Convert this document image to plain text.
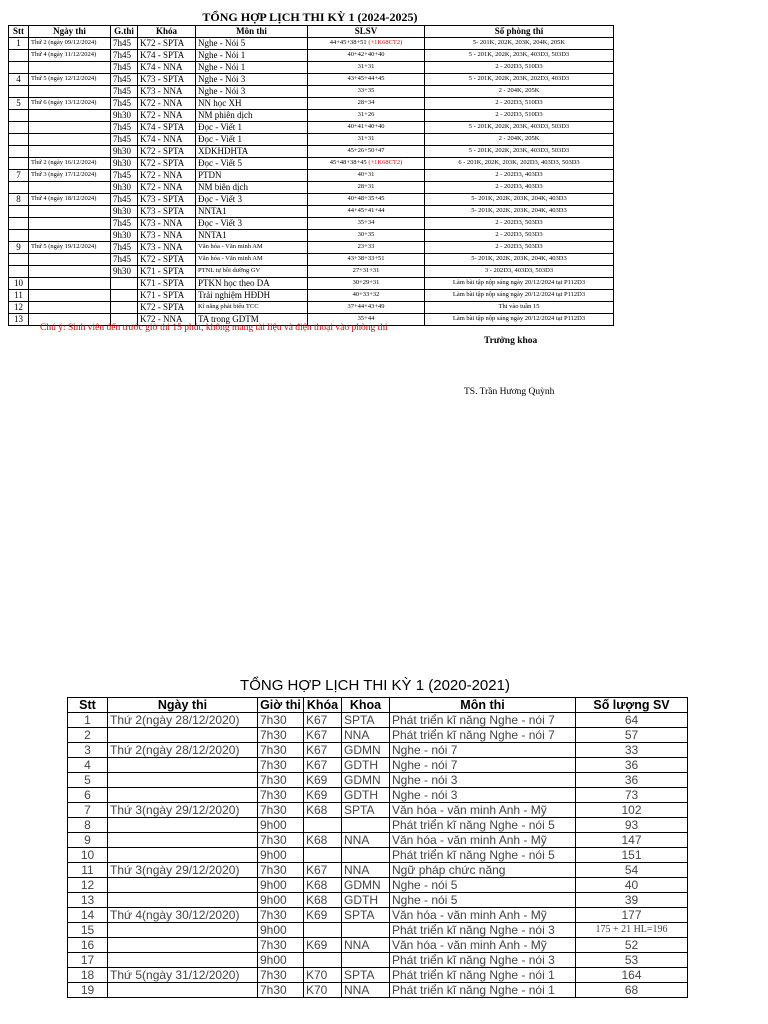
TỔNG HỢP LỊCH THI KỲ 1 (2024-2025)
Stt	Ngày thi	G.thi	Khóa	Môn thi	SLSV	Số phòng thi
1	Thứ 2 (ngày 09/12/2024)	7h45	K72 - SPTA	Nghe - Nói 5	44+45+38+51 (+1K68CT2)	5- 201K, 202K, 203K, 204K, 205K
	Thứ 4 (ngày 11/12/2024)	7h45	K74 - SPTA	Nghe - Nói 1	40+42+40+40	5 - 201K, 202K, 203K, 403D3, 503D3
		7h45	K74 - NNA	Nghe - Nói 1	31+31	2 - 202D3, 510D3
4	Thứ 5 (ngày 12/12/2024)	7h45	K73 - SPTA	Nghe - Nói 3	43+45+44+45	5 - 201K, 202K, 203K, 202D3, 403D3
		7h45	K73 - NNA	Nghe - Nói 3	33+35	2 - 204K, 205K
5	Thứ 6 (ngày 13/12/2024)	7h45	K72 - NNA	NN học XH	28+34	2 - 202D3, 510D3
		9h30	K72 - NNA	NM phiên dịch	31+26	2 - 202D3, 510D3
		7h45	K74 - SPTA	Đọc - Viết 1	40+41+40+40	5 - 201K, 202K, 203K, 403D3, 503D3
		7h45	K74 - NNA	Đọc - Viết 1	31+31	2 - 204K, 205K
		9h30	K72 - SPTA	XDKHDHTA	45+26+50+47	5 - 201K, 202K, 203K, 403D3, 503D3
	Thứ 2 (ngày 16/12/2024)	9h30	K72 - SPTA	Đọc - Viết 5	45+48+38+45 (+1K68CT2)	6 - 201K, 202K, 203K, 202D3, 403D3, 503D3
7	Thứ 3 (ngày 17/12/2024)	7h45	K72 - NNA	PTDN	40+31	2 - 202D3, 403D3
		9h30	K72 - NNA	NM biên dịch	28+31	2 - 202D3, 403D3
8	Thứ 4 (ngày 18/12/2024)	7h45	K73 - SPTA	Đọc - Viết 3	40+48+35+45	5- 201K, 202K, 203K, 204K, 403D3
		9h30	K73 - SPTA	NNTA1	44+45+41+44	5- 201K, 202K, 203K, 204K, 403D3
		7h45	K73 - NNA	Đọc - Viết 3	35+34	2 - 202D3, 503D3
		9h30	K73 - NNA	NNTA1	30+35	2 - 202D3, 503D3
9	Thứ 5 (ngày 19/12/2024)	7h45	K73 - NNA	Văn hóa - Văn minh AM	23+33	2 - 202D3, 503D3
		7h45	K72 - SPTA	Văn hóa - Văn minh AM	43+38+33+51	5- 201K, 202K, 203K, 204K, 403D3
		9h30	K71 - SPTA	PTNL tự bồi dưỡng GV	27+31+31	3 - 202D3, 403D3, 503D3
10			K71 - SPTA	PTKN học theo DA	30+29+31	Làm bài tập nộp sáng ngày 20/12/2024 tại P112D3
11			K71 - SPTA	Trải nghiệm HĐDH	40+33+32	Làm bài tập nộp sáng ngày 20/12/2024 tại P112D3
12			K72 - SPTA	Kĩ năng phát biểu TCC	37+44+43+49	Thi vào tuần 15
13			K72 - NNA	TA trong GDTM	35+44	Làm bài tập nộp sáng ngày 20/12/2024 tại P112D3
Chú ý: Sinh viên đến trước giờ thi 15 phút, không mang tài liệu và điện thoại vào phòng thi
Trưởng khoa
TS. Trần Hương Quỳnh
TỔNG HỢP LỊCH THI KỲ 1 (2020-2021)
Stt	Ngày thi	Giờ thi	Khóa	Khoa	Môn thi	Số lượng SV
1	Thứ 2(ngày 28/12/2020)	7h30	K67	SPTA	Phát triển kĩ năng Nghe - nói 7	64
2		7h30	K67	NNA	Phát triển kĩ năng Nghe - nói 7	57
3	Thứ 2(ngày 28/12/2020)	7h30	K67	GDMN	Nghe - nói 7	33
4		7h30	K67	GDTH	Nghe - nói 7	36
5		7h30	K69	GDMN	Nghe - nói 3	36
6		7h30	K69	GDTH	Nghe - nói 3	73
7	Thứ 3(ngày 29/12/2020)	7h30	K68	SPTA	Văn hóa - văn minh Anh - Mỹ	102
8		9h00			Phát triển kĩ năng Nghe - nói 5	93
9		7h30	K68	NNA	Văn hóa - văn minh Anh - Mỹ	147
10		9h00			Phát triển kĩ năng Nghe - nói 5	151
11	Thứ 3(ngày 29/12/2020)	7h30	K67	NNA	Ngữ pháp chức năng	54
12		9h00	K68	GDMN	Nghe - nói 5	40
13		9h00	K68	GDTH	Nghe - nói 5	39
14	Thứ 4(ngày 30/12/2020)	7h30	K69	SPTA	Văn hóa - văn minh Anh - Mỹ	177
15		9h00			Phát triển kĩ năng Nghe - nói 3	175 + 21 HL=196
16		7h30	K69	NNA	Văn hóa - văn minh Anh - Mỹ	52
17		9h00			Phát triển kĩ năng Nghe - nói 3	53
18	Thứ 5(ngày 31/12/2020)	7h30	K70	SPTA	Phát triển kĩ năng Nghe - nói 1	164
19		7h30	K70	NNA	Phát triển kĩ năng Nghe - nói 1	68
